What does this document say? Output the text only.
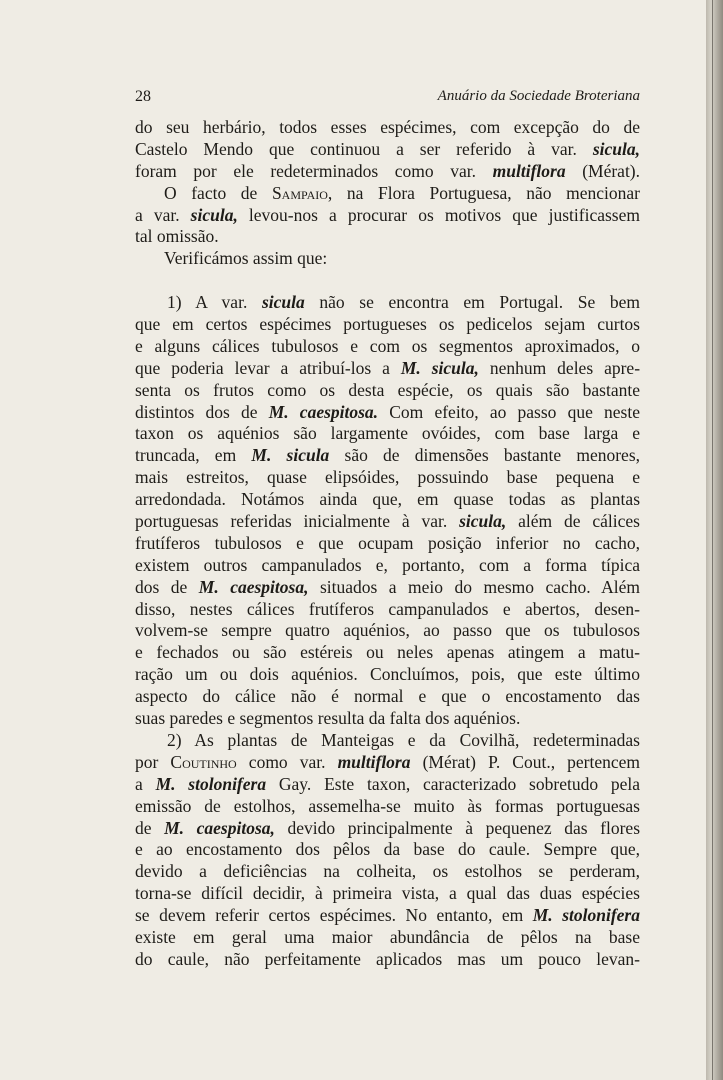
28	Anuário da Sociedade Broteriana
do seu herbário, todos esses espécimes, com excepção do de
Castelo Mendo que continuou a ser referido à var. sicula,
foram por ele redeterminados como var. multiflora (Mérat).
O facto de Sampaio, na Flora Portuguesa, não mencionar
a var. sicula, levou-nos a procurar os motivos que justificassem
tal omissão.
Verificámos assim que:
1) A var. sicula não se encontra em Portugal. Se bem
que em certos espécimes portugueses os pedicelos sejam curtos
e alguns cálices tubulosos e com os segmentos aproximados, o
que poderia levar a atribuí-los a M. sicula, nenhum deles apre-
senta os frutos como os desta espécie, os quais são bastante
distintos dos de M. caespitosa. Com efeito, ao passo que neste
taxon os aquénios são largamente ovóides, com base larga e
truncada, em M. sicula são de dimensões bastante menores,
mais estreitos, quase elipsóides, possuindo base pequena e
arredondada. Notámos ainda que, em quase todas as plantas
portuguesas referidas inicialmente à var. sicula, além de cálices
frutíferos tubulosos e que ocupam posição inferior no cacho,
existem outros campanulados e, portanto, com a forma típica
dos de M. caespitosa, situados a meio do mesmo cacho. Além
disso, nestes cálices frutíferos campanulados e abertos, desen-
volvem-se sempre quatro aquénios, ao passo que os tubulosos
e fechados ou são estéreis ou neles apenas atingem a matu-
ração um ou dois aquénios. Concluímos, pois, que este último
aspecto do cálice não é normal e que o encostamento das
suas paredes e segmentos resulta da falta dos aquénios.
2) As plantas de Manteigas e da Covilhã, redeterminadas
por Coutinho como var. multiflora (Mérat) P. Cout., pertencem
a M. stolonifera Gay. Este taxon, caracterizado sobretudo pela
emissão de estolhos, assemelha-se muito às formas portuguesas
de M. caespitosa, devido principalmente à pequenez das flores
e ao encostamento dos pêlos da base do caule. Sempre que,
devido a deficiências na colheita, os estolhos se perderam,
torna-se difícil decidir, à primeira vista, a qual das duas espécies
se devem referir certos espécimes. No entanto, em M. stolonifera
existe em geral uma maior abundância de pêlos na base
do caule, não perfeitamente aplicados mas um pouco levan-
